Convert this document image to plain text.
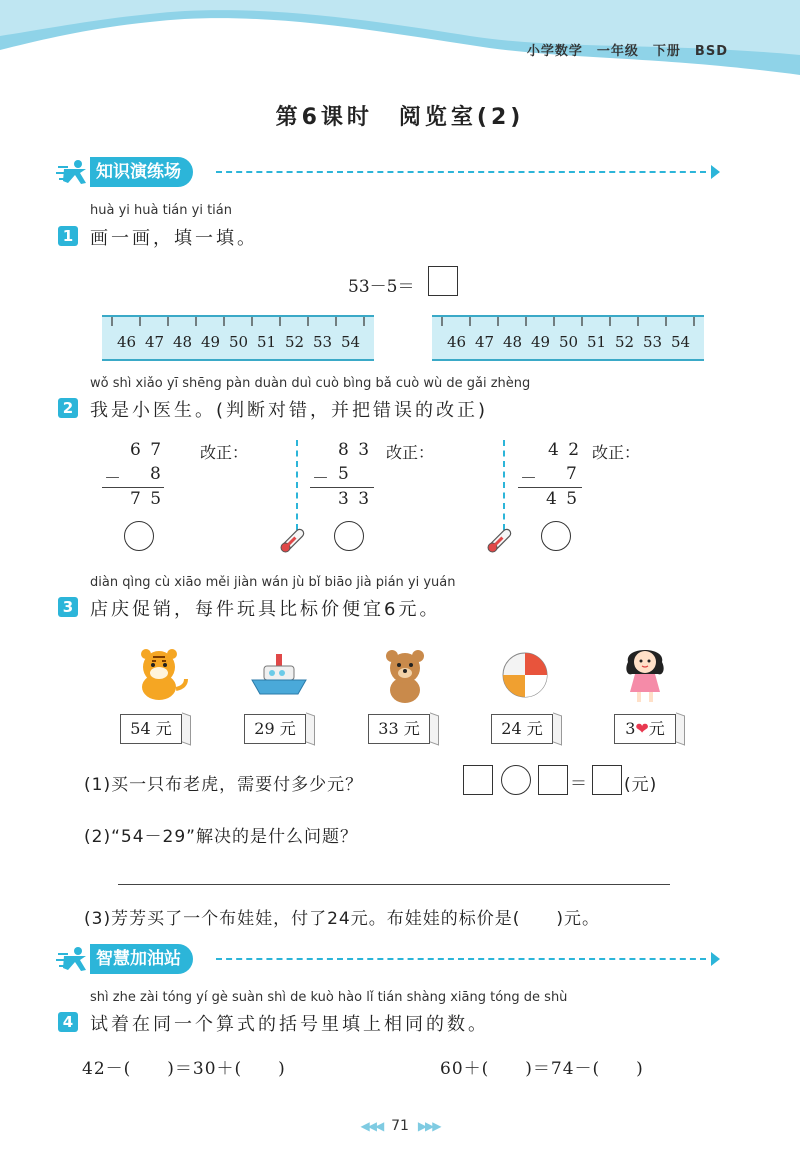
小学数学　一年级　下册　BSD
第6课时　阅览室(2)
知识演练场
huà yi huà tián yi tián
1 画一画，填一填。
53－5＝
46 47 48 49 50 51 52 53 54	46 47 48 49 50 51 52 53 54
wǒ shì xiǎo yī shēng pàn duàn duì cuò bìng bǎ cuò wù de gǎi zhèng
2 我是小医生。(判断对错，并把错误的改正)
6 7 改正：
－ 8
7 5
8 3 改正：
－ 5
3 3
4 2 改正：
－ 7
4 5
diàn qìng cù xiāo měi jiàn wán jù bǐ biāo jià pián yi yuán
3 店庆促销，每件玩具比标价便宜6元。
54 元	29 元	33 元	24 元	3❤元
(1)买一只布老虎，需要付多少元？	＝ (元)
(2)“54－29”解决的是什么问题？
(3)芳芳买了一个布娃娃，付了24元。布娃娃的标价是(　　)元。
智慧加油站
shì zhe zài tóng yí gè suàn shì de kuò hào lǐ tián shàng xiāng tóng de shù
4 试着在同一个算式的括号里填上相同的数。
42－(　　)＝30＋(　　)	60＋(　　)＝74－(　　)
◀◀◀ 71 ▶▶▶
